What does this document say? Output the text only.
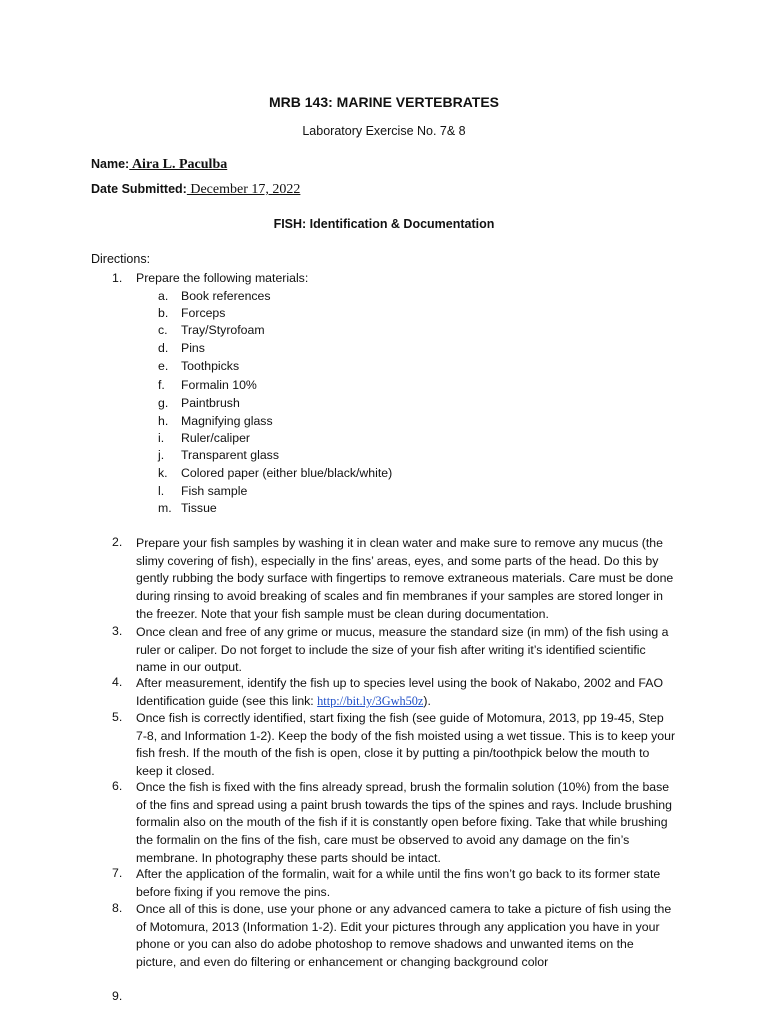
MRB 143: MARINE VERTEBRATES
Laboratory Exercise No. 7& 8
Name: Aira L. Paculba
Date Submitted: December 17, 2022
FISH: Identification & Documentation
Directions:
1. Prepare the following materials:
a. Book references
b. Forceps
c. Tray/Styrofoam
d. Pins
e. Toothpicks
f. Formalin 10%
g. Paintbrush
h. Magnifying glass
i. Ruler/caliper
j. Transparent glass
k. Colored paper (either blue/black/white)
l. Fish sample
m. Tissue
2. Prepare your fish samples by washing it in clean water and make sure to remove any mucus (the slimy covering of fish), especially in the fins’ areas, eyes, and some parts of the head. Do this by gently rubbing the body surface with fingertips to remove extraneous materials. Care must be done during rinsing to avoid breaking of scales and fin membranes if your samples are stored longer in the freezer. Note that your fish sample must be clean during documentation.
3. Once clean and free of any grime or mucus, measure the standard size (in mm) of the fish using a ruler or caliper. Do not forget to include the size of your fish after writing it’s identified scientific name in our output.
4. After measurement, identify the fish up to species level using the book of Nakabo, 2002 and FAO Identification guide (see this link: http://bit.ly/3Gwh50z).
5. Once fish is correctly identified, start fixing the fish (see guide of Motomura, 2013, pp 19-45, Step 7-8, and Information 1-2). Keep the body of the fish moisted using a wet tissue. This is to keep your fish fresh. If the mouth of the fish is open, close it by putting a pin/toothpick below the mouth to keep it closed.
6. Once the fish is fixed with the fins already spread, brush the formalin solution (10%) from the base of the fins and spread using a paint brush towards the tips of the spines and rays. Include brushing formalin also on the mouth of the fish if it is constantly open before fixing. Take that while brushing the formalin on the fins of the fish, care must be observed to avoid any damage on the fin’s membrane. In photography these parts should be intact.
7. After the application of the formalin, wait for a while until the fins won’t go back to its former state before fixing if you remove the pins.
8. Once all of this is done, use your phone or any advanced camera to take a picture of fish using the of Motomura, 2013 (Information 1-2). Edit your pictures through any application you have in your phone or you can also do adobe photoshop to remove shadows and unwanted items on the picture, and even do filtering or enhancement or changing background color
9.
